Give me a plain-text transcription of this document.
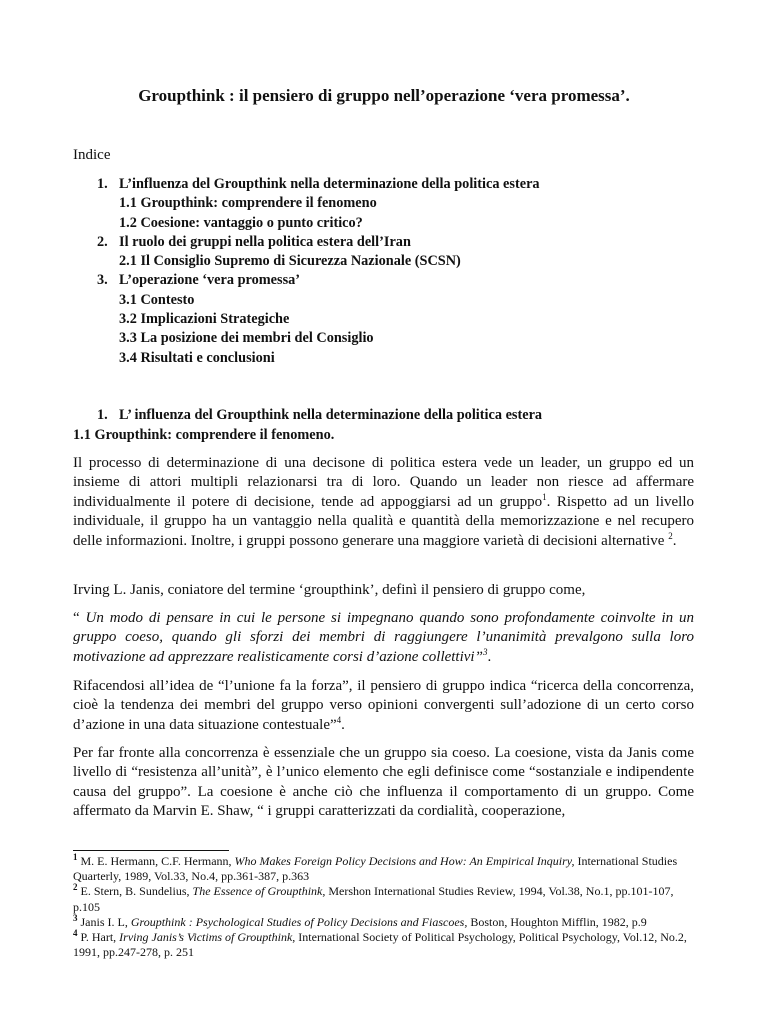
Groupthink : il pensiero di gruppo nell’operazione ‘vera promessa’.
Indice
1. L’influenza del Groupthink nella determinazione della politica estera
1.1 Groupthink: comprendere il fenomeno
1.2 Coesione: vantaggio o punto critico?
2. Il ruolo dei gruppi nella politica estera dell’Iran
2.1 Il Consiglio Supremo di Sicurezza Nazionale (SCSN)
3. L’operazione ‘vera promessa’
3.1 Contesto
3.2 Implicazioni Strategiche
3.3 La posizione dei membri del Consiglio
3.4 Risultati e conclusioni
1. L’ influenza del Groupthink nella determinazione della politica estera
1.1 Groupthink: comprendere il fenomeno.

Il processo di determinazione di una decisone di politica estera vede un leader, un gruppo ed un insieme di attori multipli relazionarsi tra di loro. Quando un leader non riesce ad affermare individualmente il potere di decisione, tende ad appoggiarsi ad un gruppo$^1$. Rispetto ad un livello individuale, il gruppo ha un vantaggio nella qualità e quantità della memorizzazione e nel recupero delle informazioni. Inoltre, i gruppi possono generare una maggiore varietà di decisioni alternative $^2$.

Irving L. Janis, coniatore del termine ‘groupthink’, definì il pensiero di gruppo come,

“ Un modo di pensare in cui le persone si impegnano quando sono profondamente coinvolte in un gruppo coeso, quando gli sforzi dei membri di raggiungere l’unanimità prevalgono sulla loro motivazione ad apprezzare realisticamente corsi d’azione collettivi”$^3$.

Rifacendosi all’idea de “l’unione fa la forza”, il pensiero di gruppo indica “ricerca della concorrenza, cioè la tendenza dei membri del gruppo verso opinioni convergenti sull’adozione di un certo corso d’azione in una data situazione contestuale”$^4$.

Per far fronte alla concorrenza è essenziale che un gruppo sia coeso. La coesione, vista da Janis come livello di “resistenza all’unità”, è l’unico elemento che egli definisce come “sostanziale e indipendente causa del gruppo”. La coesione è anche ciò che influenza il comportamento di un gruppo. Come affermato da Marvin E. Shaw, “ i gruppi caratterizzati da cordialità, cooperazione,

$^1$ M. E. Hermann, C.F. Hermann, Who Makes Foreign Policy Decisions and How: An Empirical Inquiry, International Studies Quarterly, 1989, Vol.33, No.4, pp.361-387, p.363

$^2$ E. Stern, B. Sundelius, The Essence of Groupthink, Mershon International Studies Review, 1994, Vol.38, No.1, pp.101-107, p.105

$^3$ Janis I. L, Groupthink : Psychological Studies of Policy Decisions and Fiascoes, Boston, Houghton Mifflin, 1982, p.9

$^4$ P. Hart, Irving Janis’s Victims of Groupthink, International Society of Political Psychology, Political Psychology, Vol.12, No.2, 1991, pp.247-278, p. 251
